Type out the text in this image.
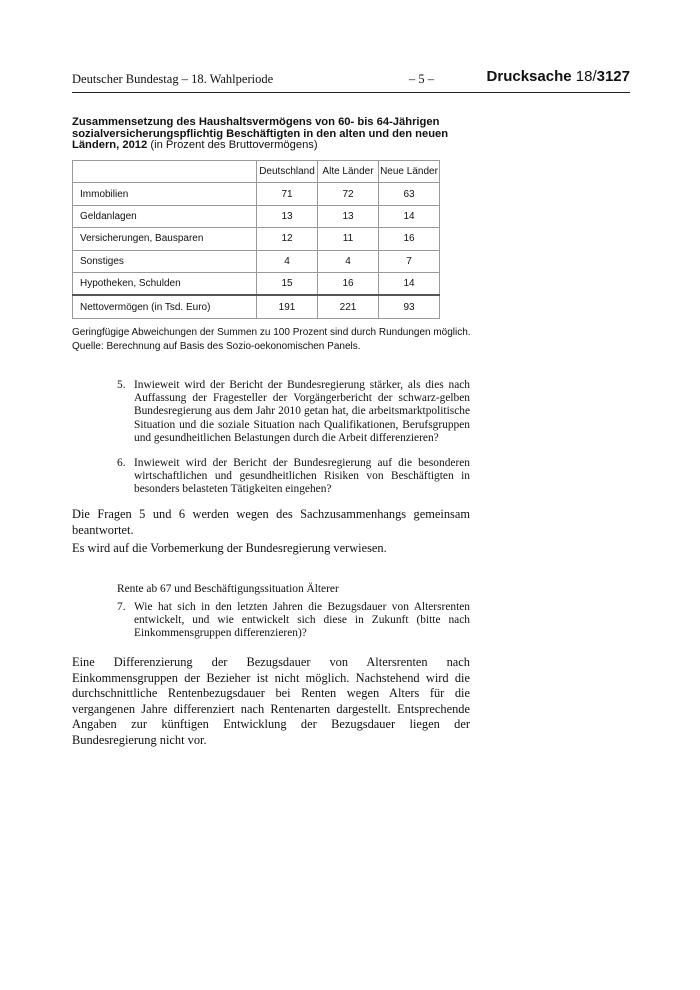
Deutscher Bundestag – 18. Wahlperiode	– 5 –	Drucksache 18/3127
Zusammensetzung des Haushaltsvermögens von 60- bis 64-Jährigen sozialversicherungspflichtig Beschäftigten in den alten und den neuen Ländern, 2012 (in Prozent des Bruttovermögens)
	Deutschland	Alte Länder	Neue Länder
Immobilien	71	72	63
Geldanlagen	13	13	14
Versicherungen, Bausparen	12	11	16
Sonstiges	4	4	7
Hypotheken, Schulden	15	16	14
Nettovermögen (in Tsd. Euro)	191	221	93
Geringfügige Abweichungen der Summen zu 100 Prozent sind durch Rundungen möglich.
Quelle: Berechnung auf Basis des Sozio-oekonomischen Panels.
5. Inwieweit wird der Bericht der Bundesregierung stärker, als dies nach Auffassung der Fragesteller der Vorgängerbericht der schwarz-gelben Bundesregierung aus dem Jahr 2010 getan hat, die arbeitsmarktpolitische Situation und die soziale Situation nach Qualifikationen, Berufsgruppen und gesundheitlichen Belastungen durch die Arbeit differenzieren?
6. Inwieweit wird der Bericht der Bundesregierung auf die besonderen wirtschaftlichen und gesundheitlichen Risiken von Beschäftigten in besonders belasteten Tätigkeiten eingehen?
Die Fragen 5 und 6 werden wegen des Sachzusammenhangs gemeinsam beantwortet.
Es wird auf die Vorbemerkung der Bundesregierung verwiesen.
Rente ab 67 und Beschäftigungssituation Älterer
7. Wie hat sich in den letzten Jahren die Bezugsdauer von Altersrenten entwickelt, und wie entwickelt sich diese in Zukunft (bitte nach Einkommensgruppen differenzieren)?
Eine Differenzierung der Bezugsdauer von Altersrenten nach Einkommensgruppen der Bezieher ist nicht möglich. Nachstehend wird die durchschnittliche Rentenbezugsdauer bei Renten wegen Alters für die vergangenen Jahre differenziert nach Rentenarten dargestellt. Entsprechende Angaben zur künftigen Entwicklung der Bezugsdauer liegen der Bundesregierung nicht vor.
